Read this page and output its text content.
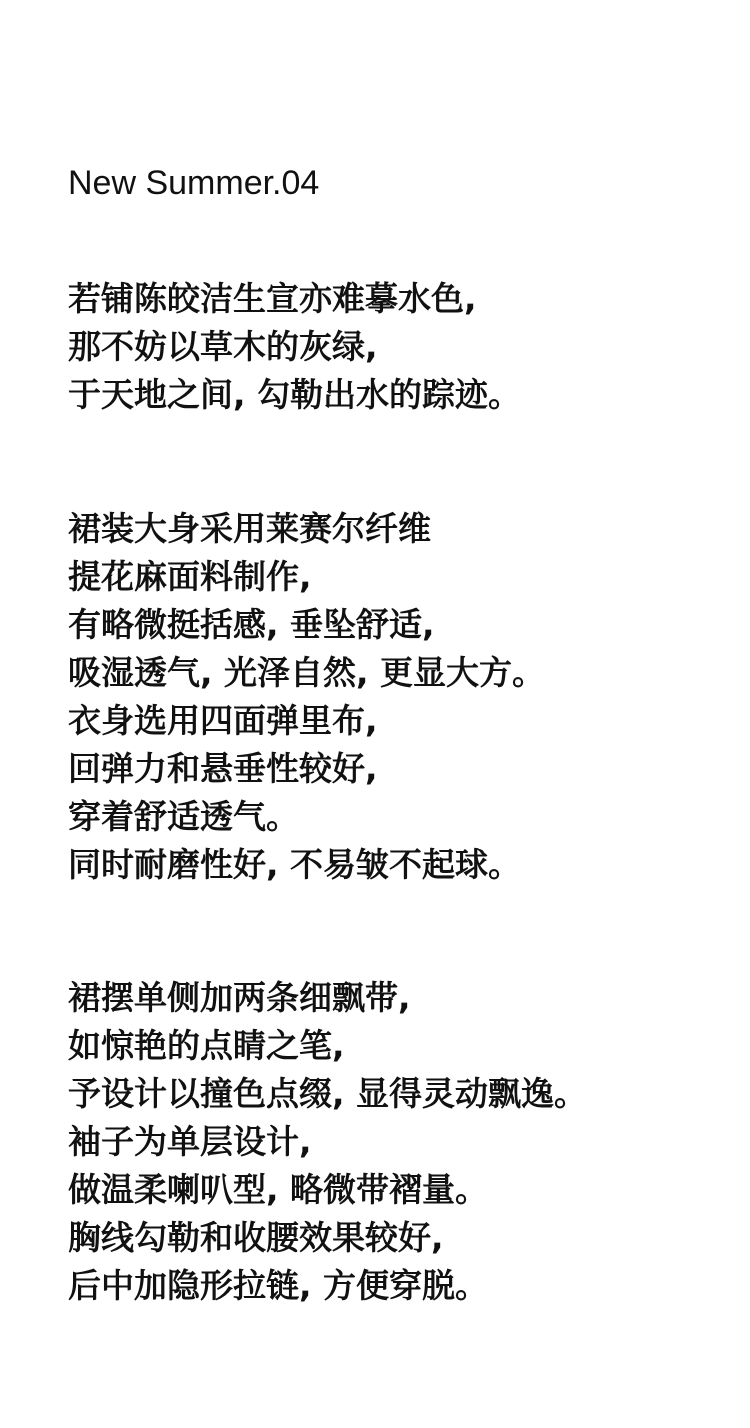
New Summer.04
若铺陈皎洁生宣亦难摹水色,
那不妨以草木的灰绿,
于天地之间, 勾勒出水的踪迹。
裙装大身采用莱赛尔纤维
提花麻面料制作,
有略微挺括感, 垂坠舒适,
吸湿透气, 光泽自然, 更显大方。
衣身选用四面弹里布,
回弹力和悬垂性较好,
穿着舒适透气。
同时耐磨性好, 不易皱不起球。
裙摆单侧加两条细飘带,
如惊艳的点睛之笔,
予设计以撞色点缀, 显得灵动飘逸。
袖子为单层设计,
做温柔喇叭型, 略微带褶量。
胸线勾勒和收腰效果较好,
后中加隐形拉链, 方便穿脱。
